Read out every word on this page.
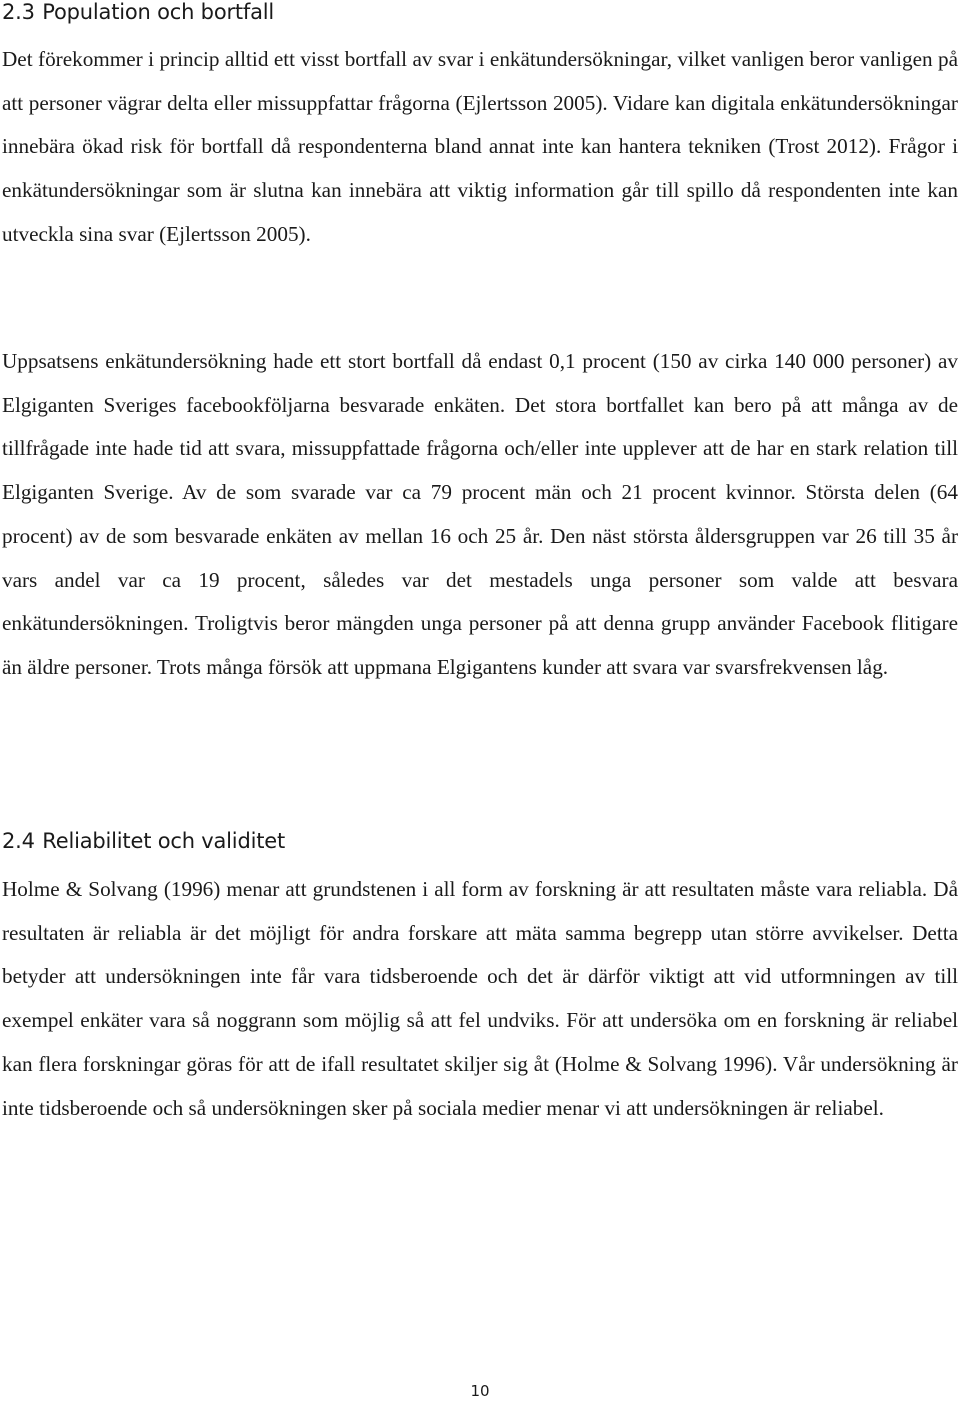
2.3 Population och bortfall

Det förekommer i princip alltid ett visst bortfall av svar i enkätundersökningar, vilket vanligen beror vanligen på att personer vägrar delta eller missuppfattar frågorna (Ejlertsson 2005). Vidare kan digitala enkätundersökningar innebära ökad risk för bortfall då respondenterna bland annat inte kan hantera tekniken (Trost 2012). Frågor i enkätundersökningar som är slutna kan innebära att viktig information går till spillo då respondenten inte kan utveckla sina svar (Ejlertsson 2005).

Uppsatsens enkätundersökning hade ett stort bortfall då endast 0,1 procent (150 av cirka 140 000 personer) av Elgiganten Sveriges facebookföljarna besvarade enkäten. Det stora bortfallet kan bero på att många av de tillfrågade inte hade tid att svara, missuppfattade frågorna och/eller inte upplever att de har en stark relation till Elgiganten Sverige. Av de som svarade var ca 79 procent män och 21 procent kvinnor. Största delen (64 procent) av de som besvarade enkäten av mellan 16 och 25 år. Den näst största åldersgruppen var 26 till 35 år vars andel var ca 19 procent, således var det mestadels unga personer som valde att besvara enkätundersökningen. Troligtvis beror mängden unga personer på att denna grupp använder Facebook flitigare än äldre personer. Trots många försök att uppmana Elgigantens kunder att svara var svarsfrekvensen låg.

2.4 Reliabilitet och validitet

Holme & Solvang (1996) menar att grundstenen i all form av forskning är att resultaten måste vara reliabla. Då resultaten är reliabla är det möjligt för andra forskare att mäta samma begrepp utan större avvikelser. Detta betyder att undersökningen inte får vara tidsberoende och det är därför viktigt att vid utformningen av till exempel enkäter vara så noggrann som möjlig så att fel undviks. För att undersöka om en forskning är reliabel kan flera forskningar göras för att de ifall resultatet skiljer sig åt (Holme & Solvang 1996). Vår undersökning är inte tidsberoende och så undersökningen sker på sociala medier menar vi att undersökningen är reliabel.

10
